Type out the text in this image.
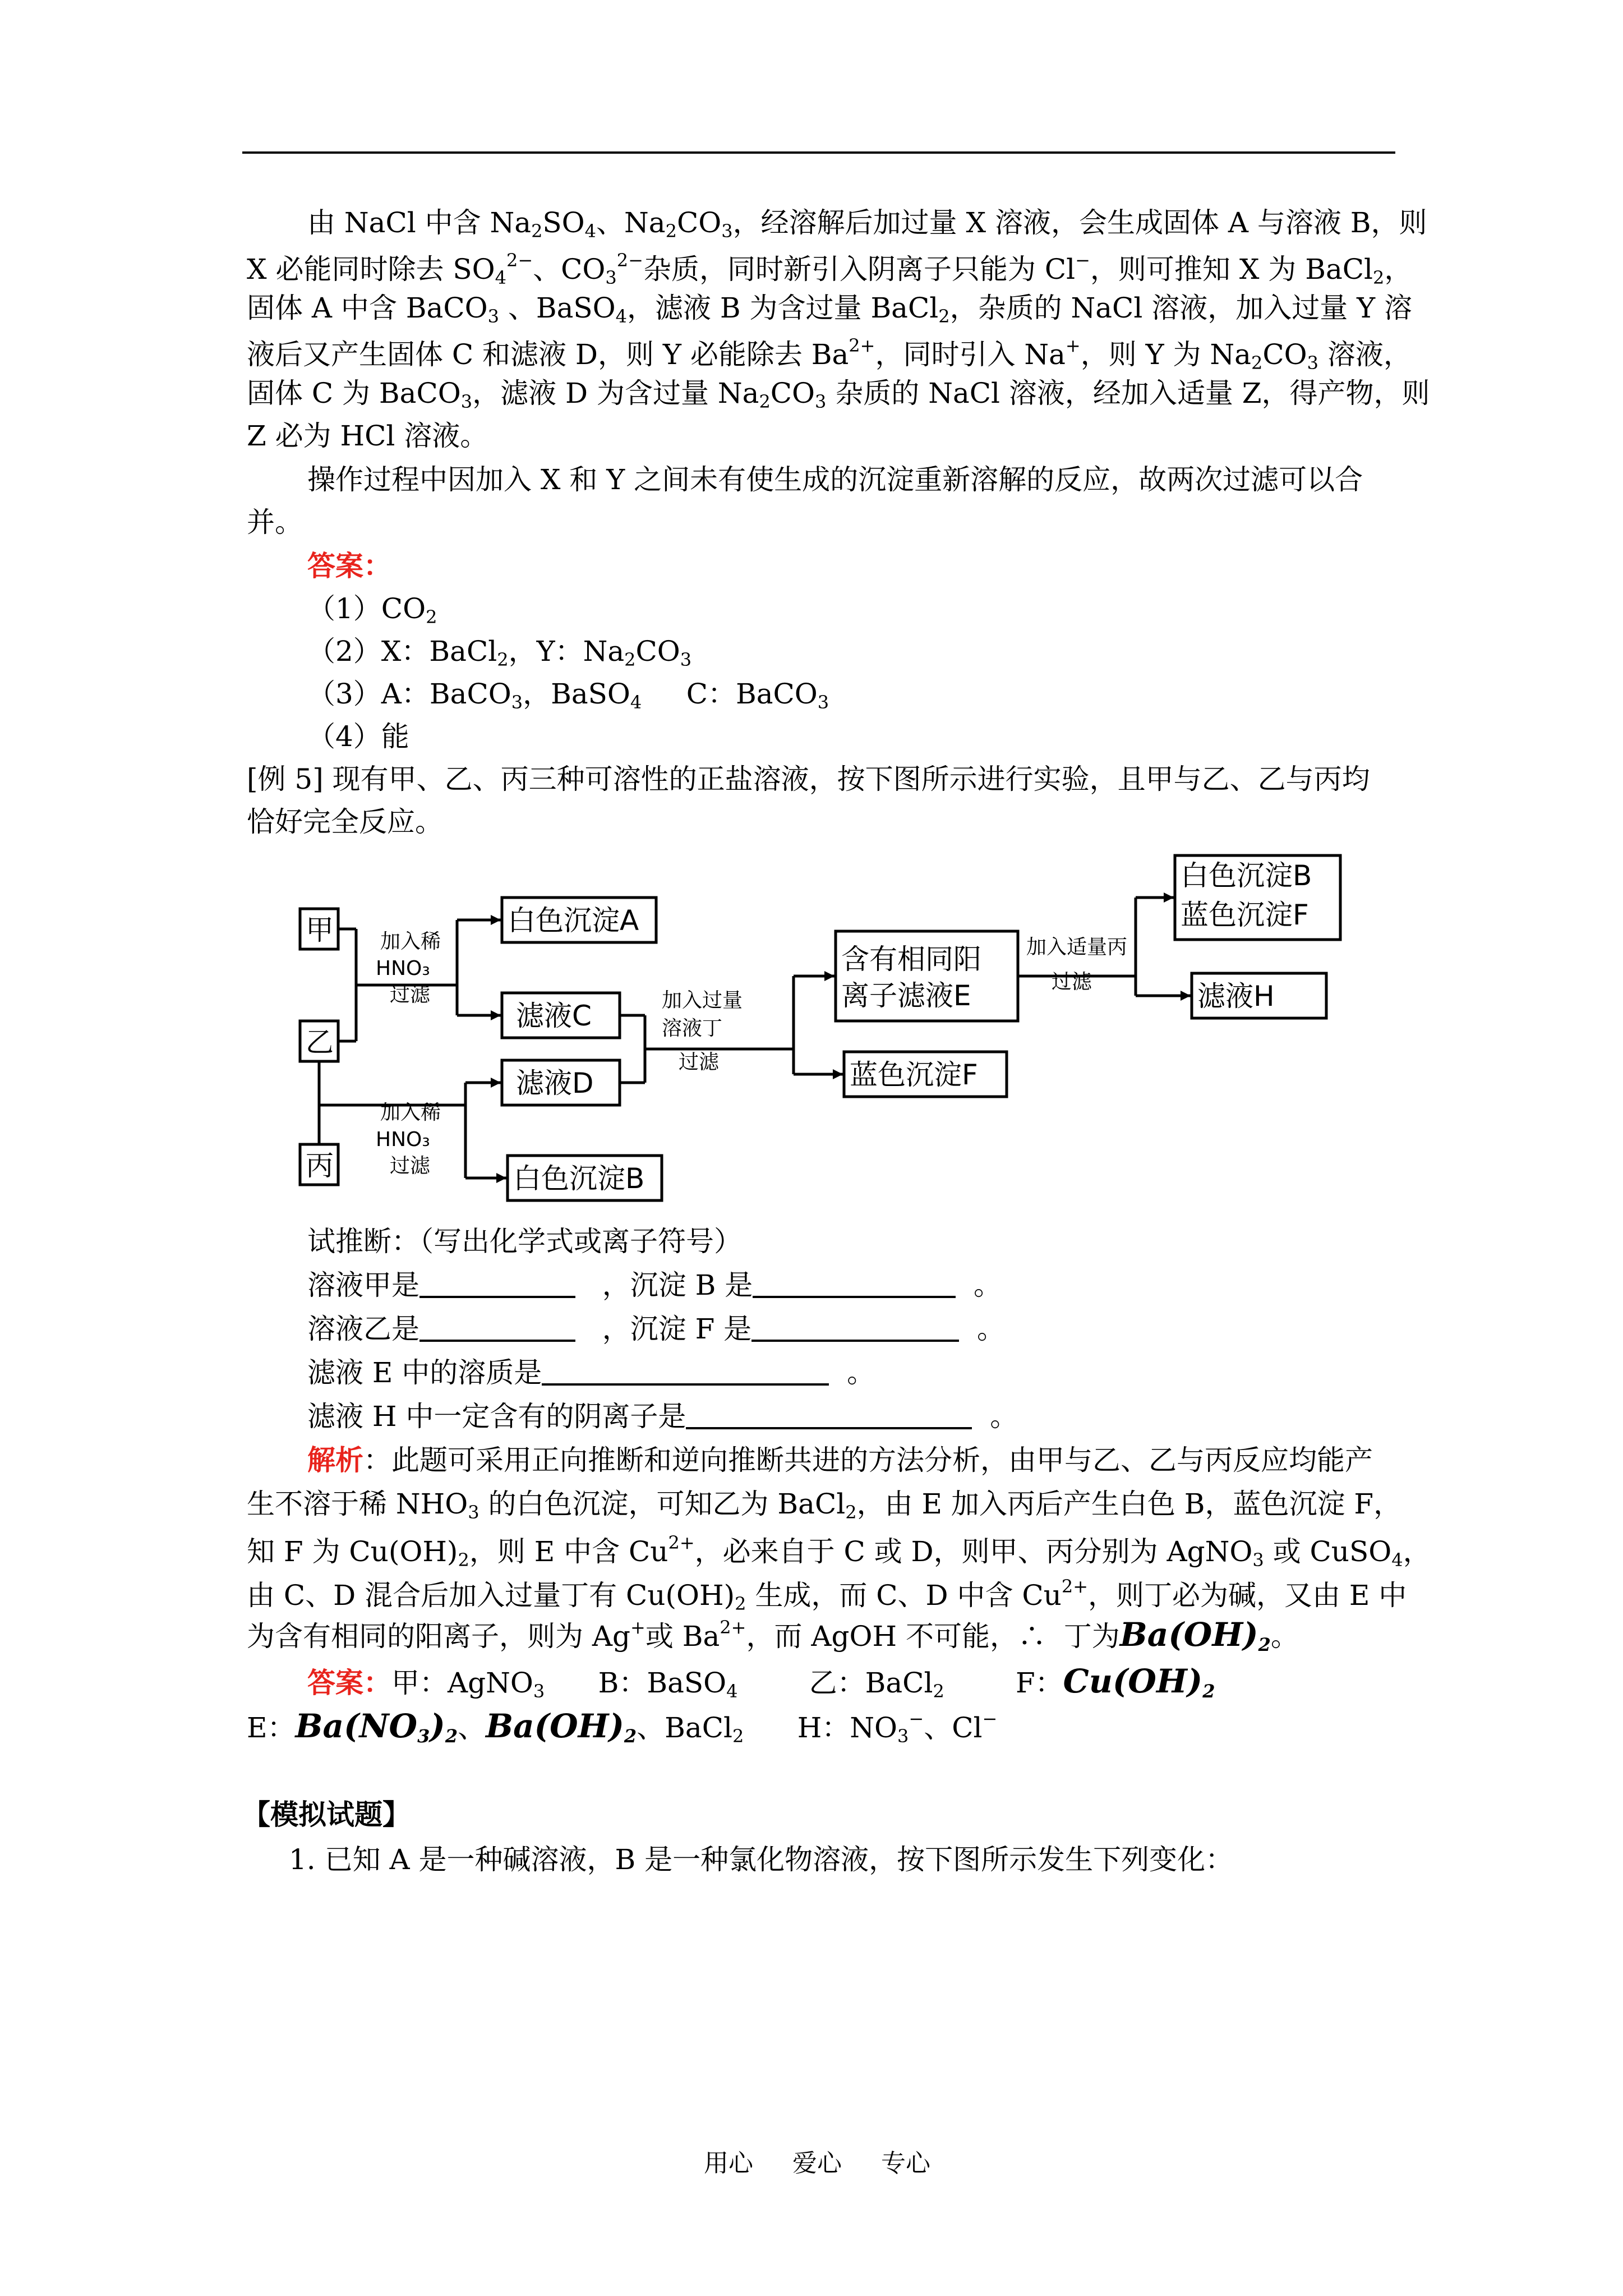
由 NaCl 中含 $Na_2SO_4$、$Na_2CO_3$，经溶解后加过量 X 溶液，会生成固体 A 与溶液 B，则
X 必能同时除去 $SO_4^{2-}$、$CO_3^{2-}$杂质，同时新引入阴离子只能为 Cl−，则可推知 X 为 BaCl$_2$，
固体 A 中含 BaCO$_3$ 、BaSO$_4$，滤液 B 为含过量 BaCl$_2$，杂质的 NaCl 溶液，加入过量 Y 溶
液后又产生固体 C 和滤液 D，则 Y 必能除去 $Ba^{2+}$，同时引入 Na+，则 Y 为 $Na_2CO_3$ 溶液，
固体 C 为 BaCO$_3$，滤液 D 为含过量 $Na_2CO_3$ 杂质的 NaCl 溶液，经加入适量 Z，得产物，则
Z 必为 HCl 溶液。
操作过程中因加入 X 和 Y 之间未有使生成的沉淀重新溶解的反应，故两次过滤可以合
并。
答案：
$(1)CO_2$
（2）X：BaCl$_2$，Y：$Na_2CO_3$
（3）A：BaCO$_3$，BaSO$_4$     C：BaCO$_3$
（4）能
[例 5] 现有甲、乙、丙三种可溶性的正盐溶液，按下图所示进行实验，且甲与乙、乙与丙均
恰好完全反应。
甲
乙
丙
白色沉淀A
滤液C
滤液D
白色沉淀B
含有相同阳
离子滤液E
蓝色沉淀F
白色沉淀B
蓝色沉淀F
滤液H
加入稀
HNO₃
过滤
加入稀
HNO₃
过滤
加入过量
溶液丁
过滤
加入适量丙
过滤
试推断：（写出化学式或离子符号）
溶液甲是	，沉淀 B 是	。
溶液乙是	，沉淀 F 是	。
滤液 E 中的溶质是	。
滤液 H 中一定含有的阴离子是	。
解析：此题可采用正向推断和逆向推断共进的方法分析，由甲与乙、乙与丙反应均能产
生不溶于稀 $NHO_3$ 的白色沉淀，可知乙为 BaCl$_2$，由 E 加入丙后产生白色 B，蓝色沉淀 F，
知 F 为 $Cu(OH)_2$，则 E 中含 $Cu^{2+}$，必来自于 C 或 D，则甲、丙分别为 AgNO$_3$ 或 CuSO$_4$，
由 C、D 混合后加入过量丁有 $Cu(OH)_2$ 生成，而 C、D 中含 $Cu^{2+}$，则丁必为碱，又由 E 中
为含有相同的阳离子，则为 Ag+或 $Ba^{2+}$，而 AgOH 不可能，∴  丁为$Ba(OH)_2$。
答案：甲：AgNO$_3$      B：BaSO$_4$        乙：BaCl$_2$        F：$Cu(OH)_2$
E：$Ba(NO_3)_2$、$Ba(OH)_2$、BaCl$_2$      H：$NO_3^-$、Cl−
【模拟试题】
1. 已知 A 是一种碱溶液，B 是一种氯化物溶液，按下图所示发生下列变化：
用心 爱心 专心
